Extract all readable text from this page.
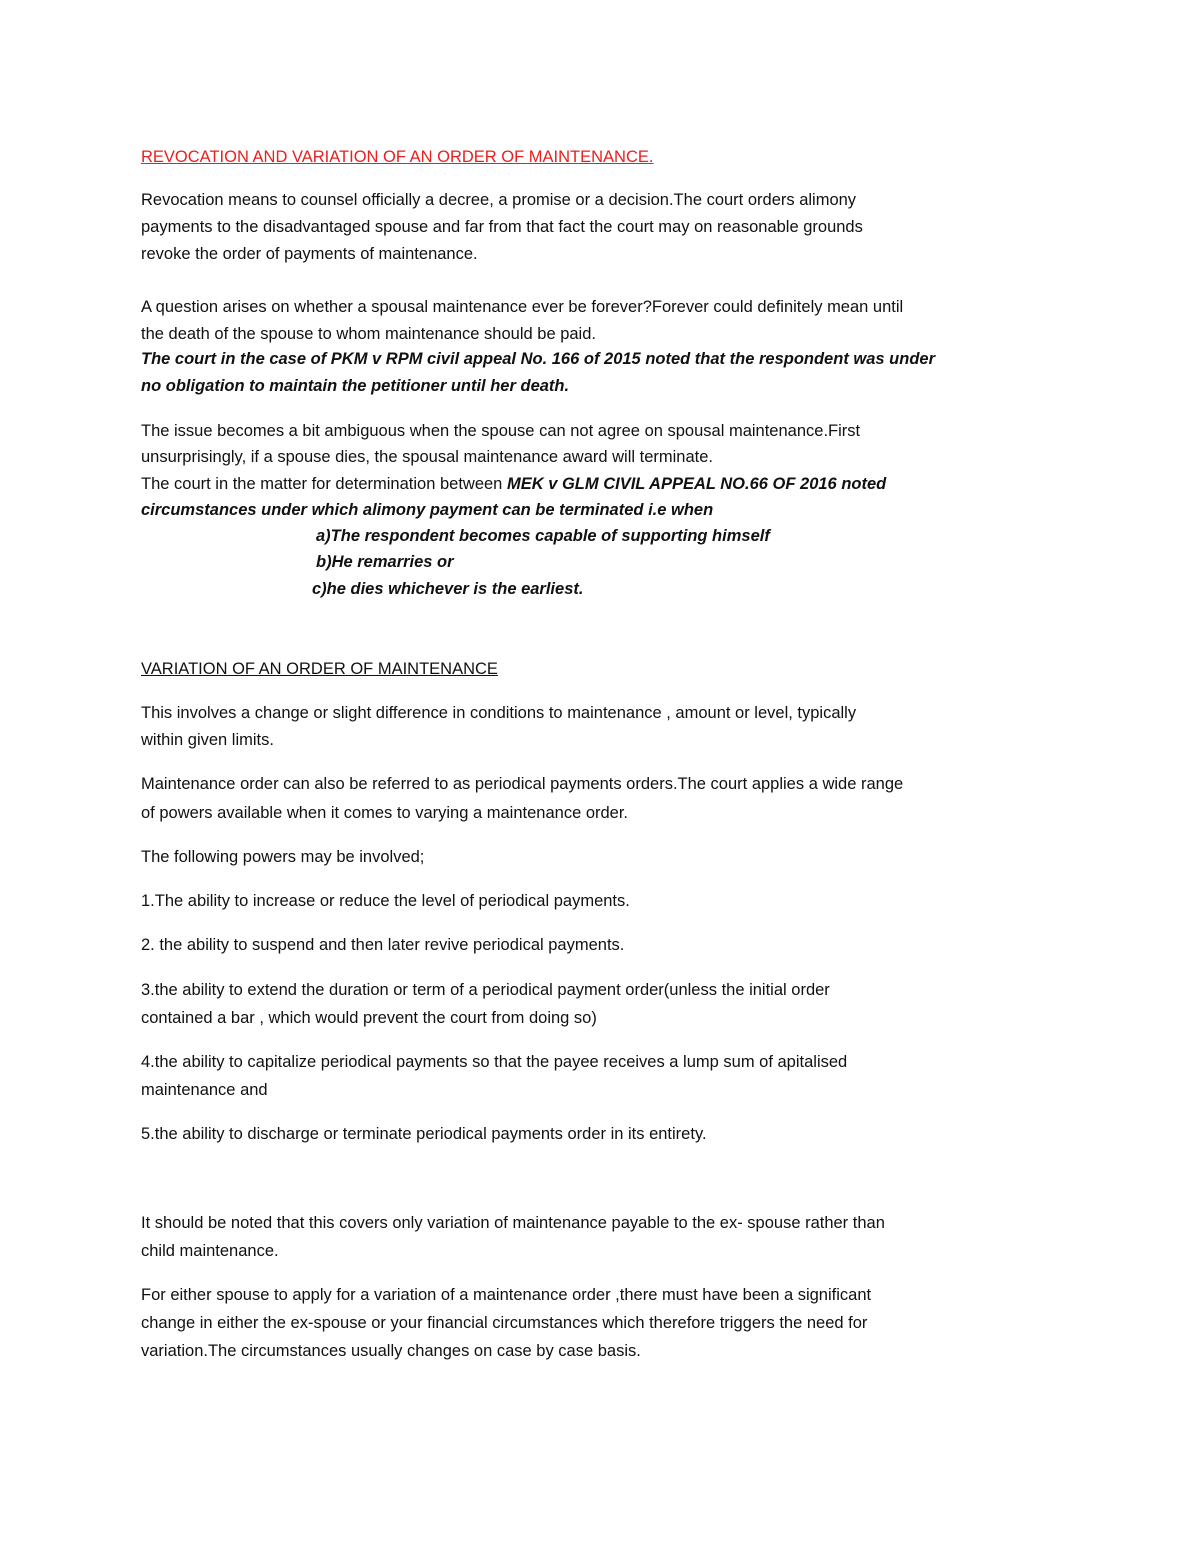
REVOCATION AND VARIATION OF AN ORDER OF MAINTENANCE.
Revocation means to counsel officially a decree, a promise or a decision.The court orders alimony
payments to the disadvantaged spouse and far from that fact the court may on reasonable grounds
revoke the order of payments of maintenance.
A question arises on whether a spousal maintenance ever be forever?Forever could definitely mean until
the death of the spouse to whom maintenance should be paid.
The court in the case of PKM v RPM civil appeal No. 166 of 2015 noted that the respondent was under
no obligation to maintain the petitioner until her death.
The issue becomes a bit ambiguous when the spouse can not agree on spousal maintenance.First
unsurprisingly, if a spouse dies, the spousal maintenance award will terminate.
The court in the matter for determination between MEK v GLM CIVIL APPEAL NO.66 OF 2016 noted
circumstances under which alimony payment can be terminated i.e when
a)The respondent becomes capable of supporting himself
b)He remarries or
c)he dies whichever is the earliest.
VARIATION OF AN ORDER OF MAINTENANCE
This involves a change or slight difference in conditions to maintenance , amount or level, typically
within given limits.
Maintenance order can also be referred to as periodical payments orders.The court applies a wide range
of powers available when it comes to varying a maintenance order.
The following powers may be involved;
1.The ability to increase or reduce the level of periodical payments.
2. the ability to suspend and then later revive periodical payments.
3.the ability to extend the duration or term of a periodical payment order(unless the initial order
contained a bar , which would prevent the court from doing so)
4.the ability to capitalize periodical payments so that the payee receives a lump sum of apitalised
maintenance and
5.the ability to discharge or terminate periodical payments order in its entirety.
It should be noted that this covers only variation of maintenance payable to the ex- spouse rather than
child maintenance.
For either spouse to apply for a variation of a maintenance order ,there must have been a significant
change in either the ex-spouse or your financial circumstances which therefore triggers the need for
variation.The circumstances usually changes on case by case basis.
